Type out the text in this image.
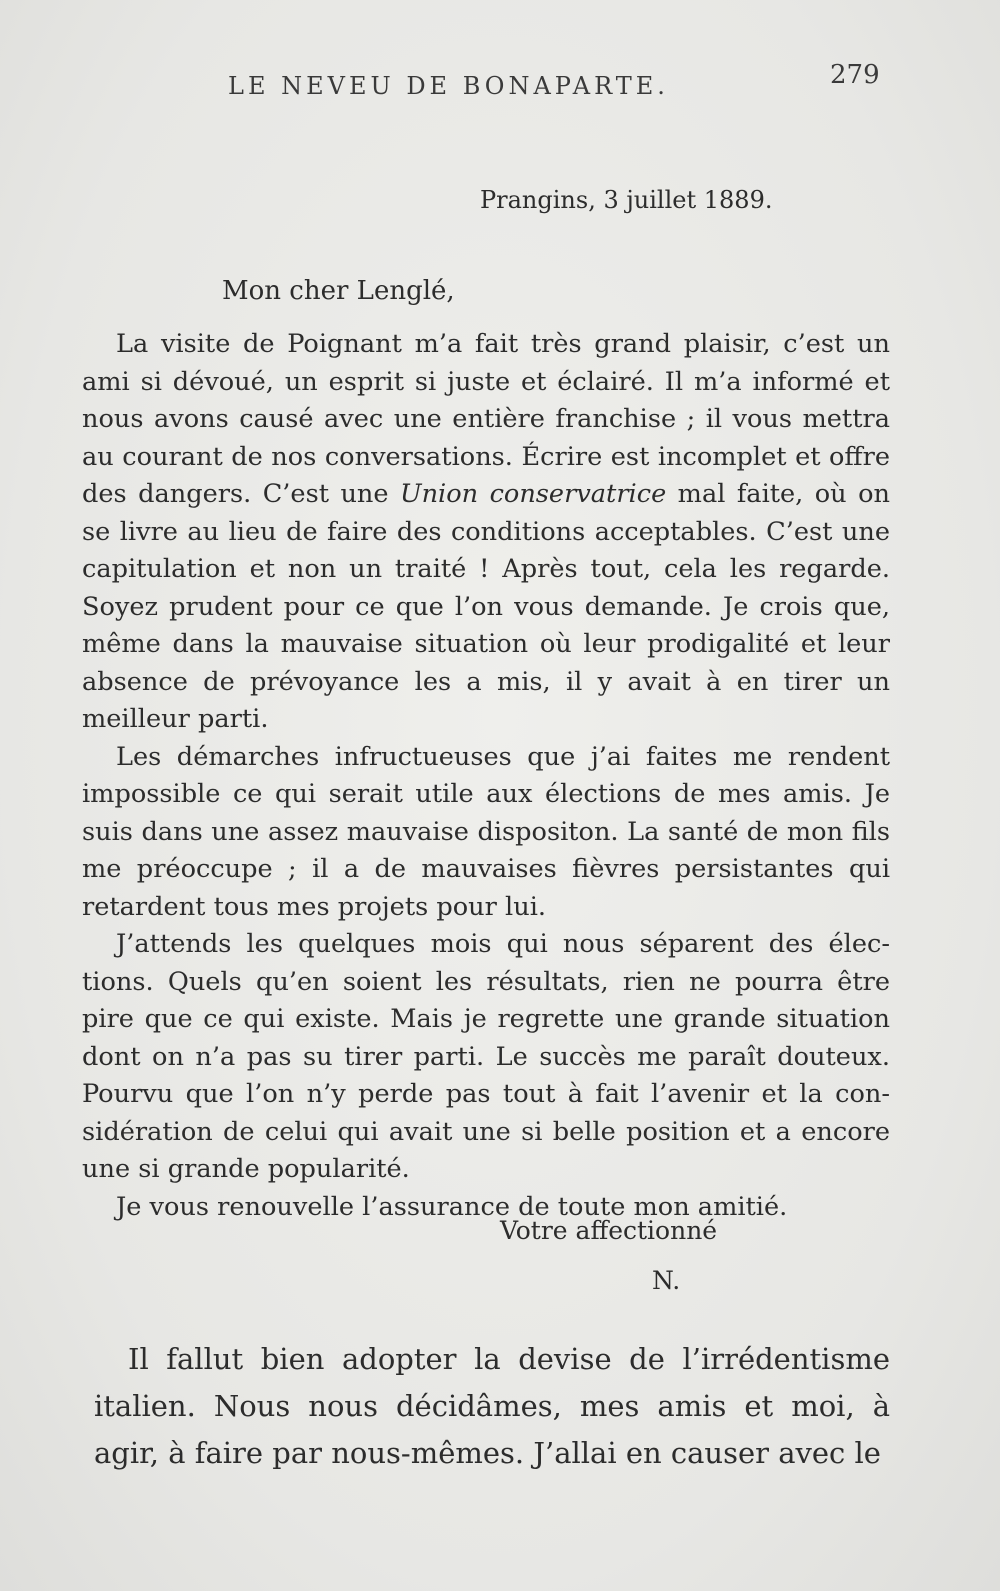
LE NEVEU DE BONAPARTE.	279
Prangins, 3 juillet 1889.
Mon cher Lenglé,

La visite de Poignant m’a fait très grand plaisir, c’est un ami si dévoué, un esprit si juste et éclairé. Il m’a informé et nous avons causé avec une entière franchise ; il vous mettra au courant de nos conversations. Écrire est incomplet et offre des dangers. C’est une Union conservatrice mal faite, où on se livre au lieu de faire des conditions acceptables. C’est une capitulation et non un traité ! Après tout, cela les regarde. Soyez prudent pour ce que l’on vous demande. Je crois que, même dans la mauvaise situation où leur prodigalité et leur absence de prévoyance les a mis, il y avait à en tirer un meilleur parti.

Les démarches infructueuses que j’ai faites me rendent impossible ce qui serait utile aux élections de mes amis. Je suis dans une assez mauvaise dispositon. La santé de mon fils me préoccupe ; il a de mauvaises fièvres persistantes qui retardent tous mes projets pour lui.

J’attends les quelques mois qui nous séparent des élections. Quels qu’en soient les résultats, rien ne pourra être pire que ce qui existe. Mais je regrette une grande situation dont on n’a pas su tirer parti. Le succès me paraît douteux. Pourvu que l’on n’y perde pas tout à fait l’avenir et la considération de celui qui avait une si belle position et a encore une si grande popularité.

Je vous renouvelle l’assurance de toute mon amitié.

Votre affectionné
N.

Il fallut bien adopter la devise de l’irrédentisme italien. Nous nous décidâmes, mes amis et moi, à agir, à faire par nous-mêmes. J’allai en causer avec le
